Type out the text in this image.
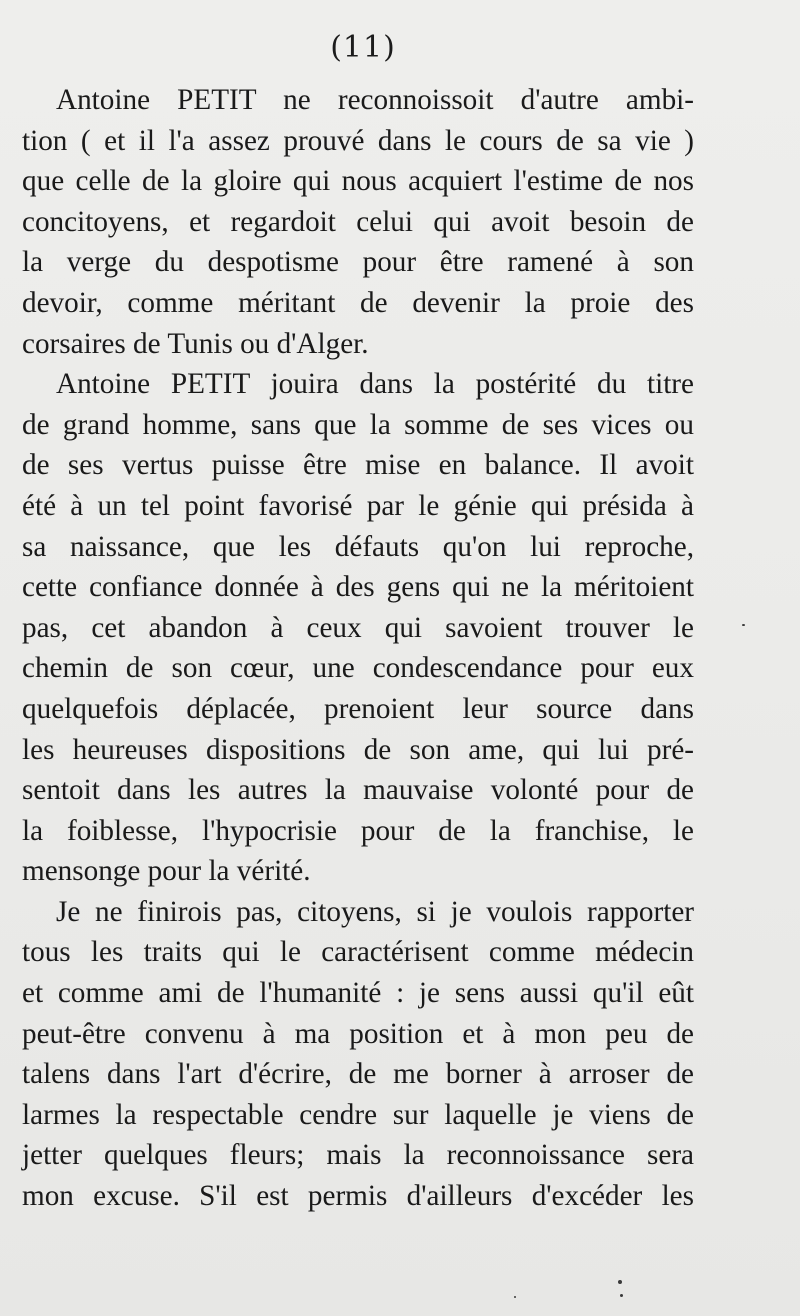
(11)

Antoine PETIT ne reconnoissoit d'autre ambi-
tion ( et il l'a assez prouvé dans le cours de sa vie )
que celle de la gloire qui nous acquiert l'estime de nos
concitoyens, et regardoit celui qui avoit besoin de
la verge du despotisme pour être ramené à son
devoir, comme méritant de devenir la proie des
corsaires de Tunis ou d'Alger.

Antoine PETIT jouira dans la postérité du titre
de grand homme, sans que la somme de ses vices ou
de ses vertus puisse être mise en balance. Il avoit
été à un tel point favorisé par le génie qui présida à
sa naissance, que les défauts qu'on lui reproche,
cette confiance donnée à des gens qui ne la méritoient
pas, cet abandon à ceux qui savoient trouver le
chemin de son cœur, une condescendance pour eux
quelquefois déplacée, prenoient leur source dans
les heureuses dispositions de son ame, qui lui pré-
sentoit dans les autres la mauvaise volonté pour de
la foiblesse, l'hypocrisie pour de la franchise, le
mensonge pour la vérité.

Je ne finirois pas, citoyens, si je voulois rapporter
tous les traits qui le caractérisent comme médecin
et comme ami de l'humanité : je sens aussi qu'il eût
peut-être convenu à ma position et à mon peu de
talens dans l'art d'écrire, de me borner à arroser de
larmes la respectable cendre sur laquelle je viens de
jetter quelques fleurs; mais la reconnoissance sera
mon excuse. S'il est permis d'ailleurs d'excéder les
